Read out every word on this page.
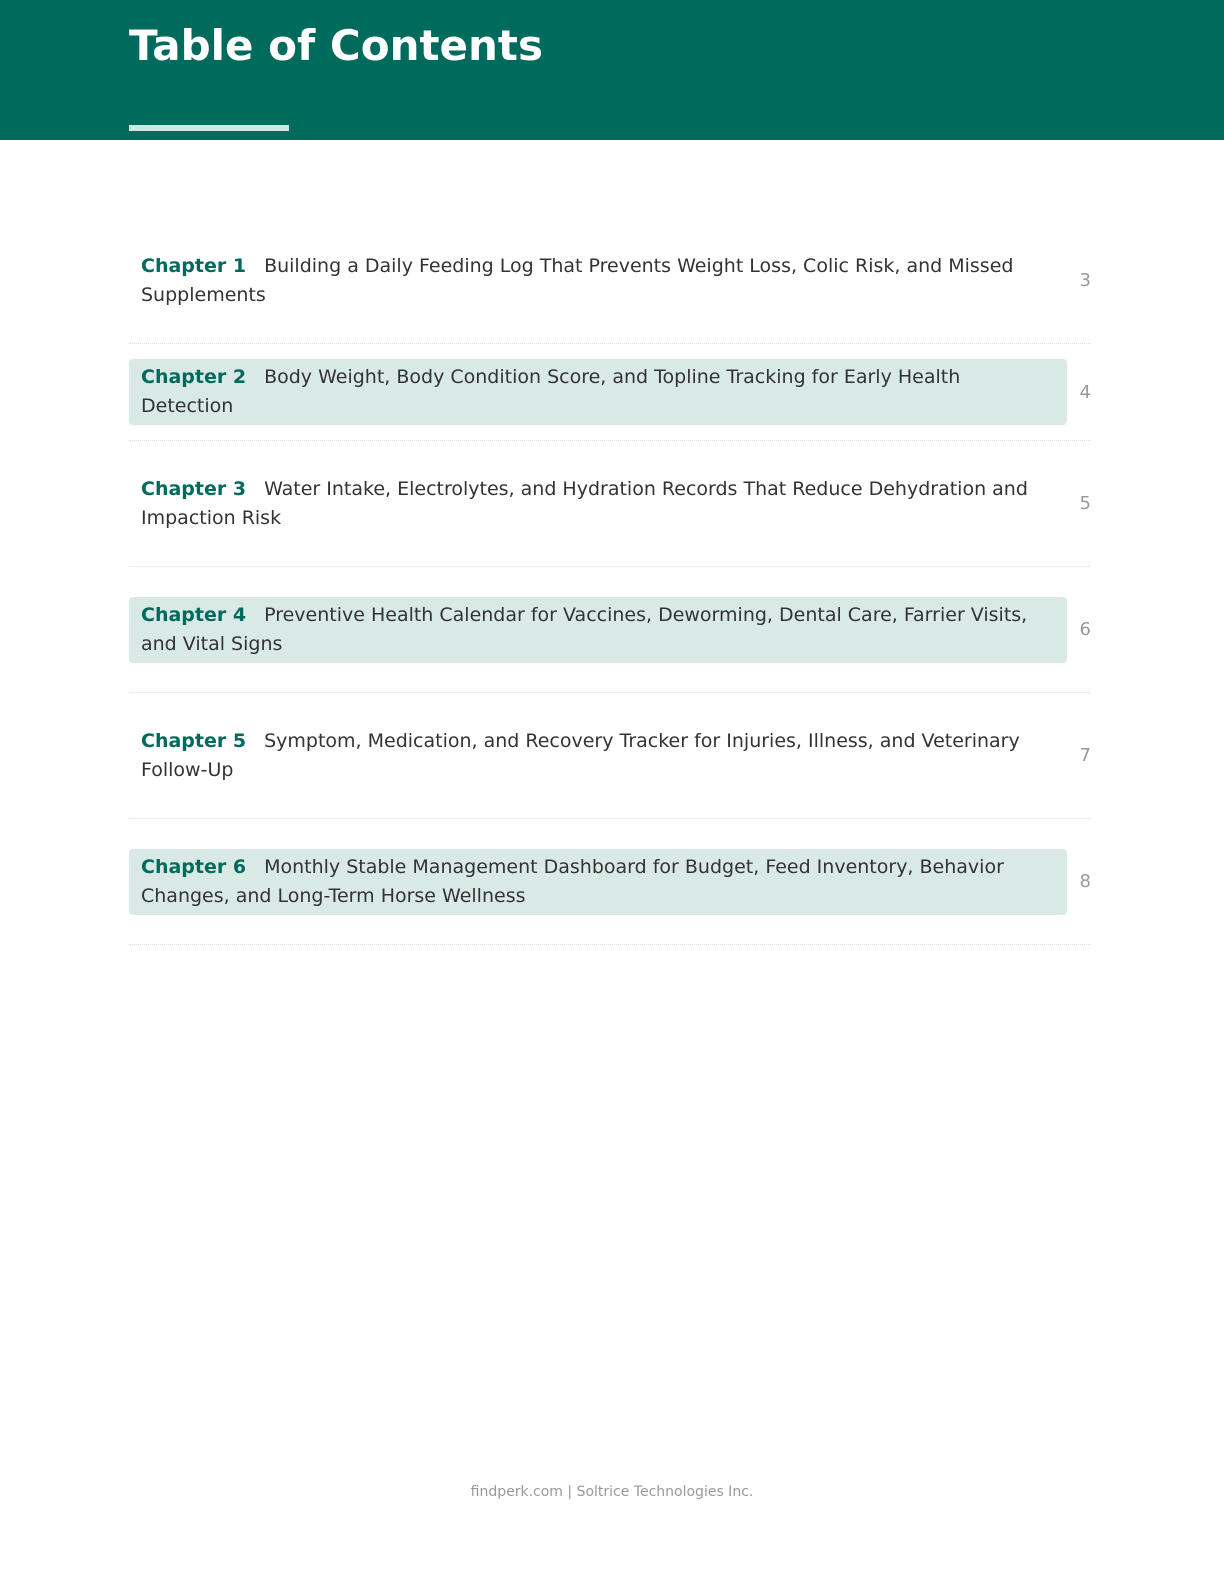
Table of Contents
Chapter 1 Building a Daily Feeding Log That Prevents Weight Loss, Colic Risk, and Missed Supplements
3
Chapter 2 Body Weight, Body Condition Score, and Topline Tracking for Early Health Detection
4
Chapter 3 Water Intake, Electrolytes, and Hydration Records That Reduce Dehydration and Impaction Risk
5
Chapter 4 Preventive Health Calendar for Vaccines, Deworming, Dental Care, Farrier Visits, and Vital Signs
6
Chapter 5 Symptom, Medication, and Recovery Tracker for Injuries, Illness, and Veterinary Follow-Up
7
Chapter 6 Monthly Stable Management Dashboard for Budget, Feed Inventory, Behavior Changes, and Long-Term Horse Wellness
8
findperk.com | Soltrice Technologies Inc.
